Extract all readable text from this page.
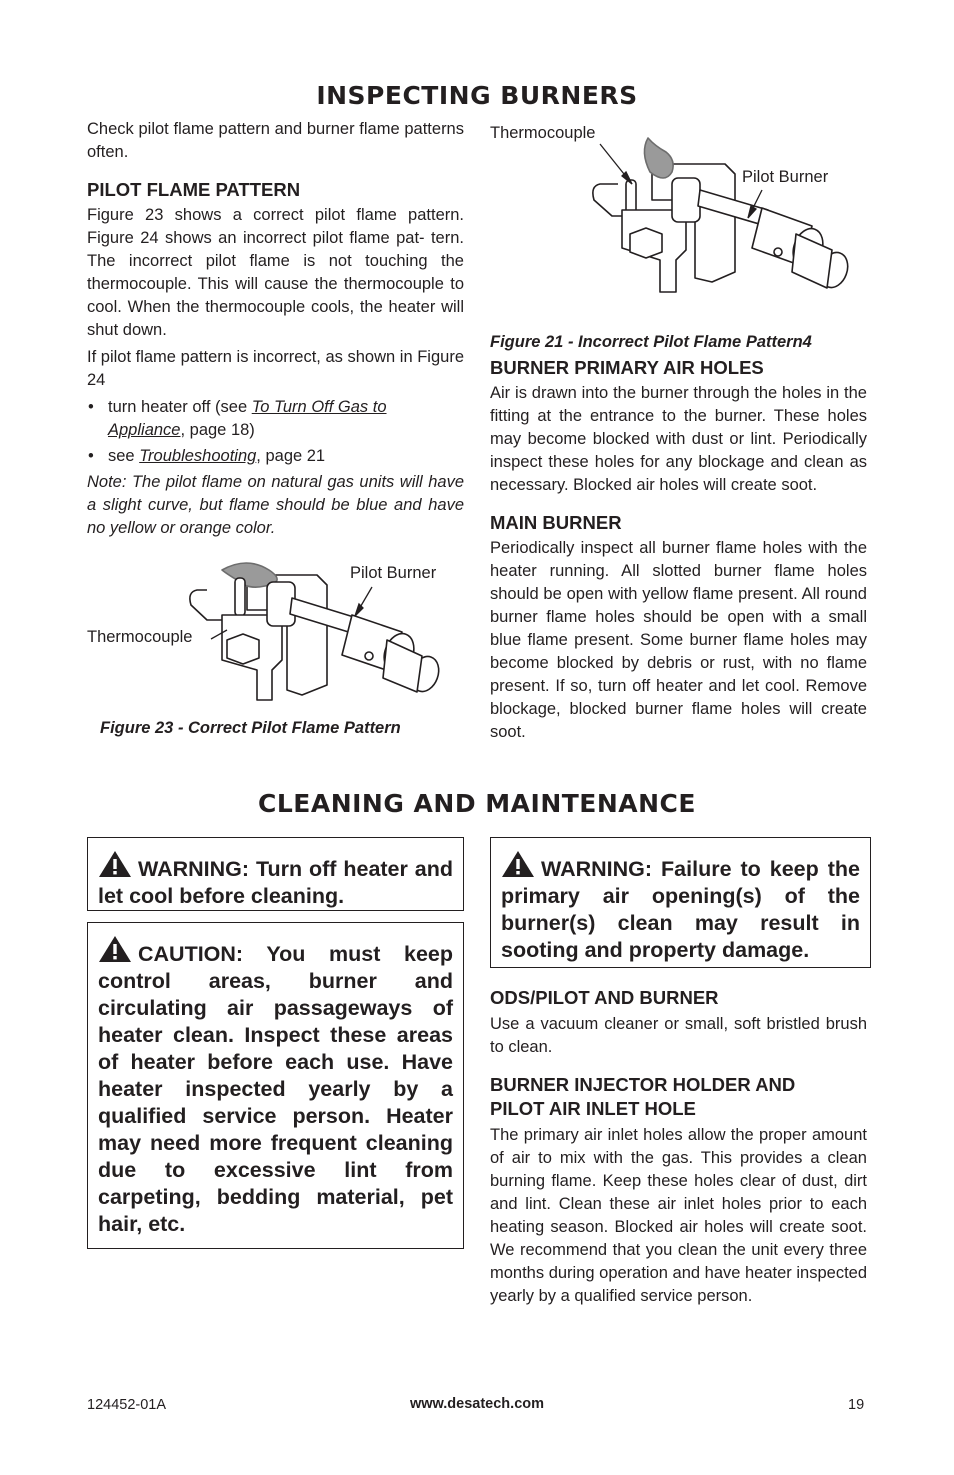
INSPECTING BURNERS

Check pilot flame pattern and burner flame patterns often.

PILOT FLAME PATTERN

Figure 23 shows a correct pilot flame pattern. Figure 24 shows an incorrect pilot flame pat- tern. The incorrect pilot flame is not touching the thermocouple. This will cause the thermocouple to cool. When the thermocouple cools, the heater will shut down.

If pilot flame pattern is incorrect, as shown in Figure 24

• turn heater off (see To Turn Off Gas to Appliance, page 18)
• see Troubleshooting, page 21

Note: The pilot flame on natural gas units will have a slight curve, but flame should be blue and have no yellow or orange color.

Pilot Burner
Thermocouple

Figure 23 - Correct Pilot Flame Pattern

Thermocouple
Pilot Burner

Figure 21 - Incorrect Pilot Flame Pattern4

BURNER PRIMARY AIR HOLES

Air is drawn into the burner through the holes in the fitting at the entrance to the burner. These holes may become blocked with dust or lint. Periodically inspect these holes for any blockage and clean as necessary. Blocked air holes will create soot.

MAIN BURNER

Periodically inspect all burner flame holes with the heater running. All slotted burner flame holes should be open with yellow flame present. All round burner flame holes should be open with a small blue flame present. Some burner flame holes may become blocked by debris or rust, with no flame present. If so, turn off heater and let cool. Remove blockage, blocked burner flame holes will create soot.

CLEANING AND MAINTENANCE
WARNING: Turn off heater and let cool before cleaning.
CAUTION: You must keep control areas, burner and circulating air passageways of heater clean. Inspect these areas of heater before each use. Have heater inspected yearly by a qualified service person. Heater may need more frequent cleaning due to excessive lint from carpeting, bedding material, pet hair, etc.
WARNING: Failure to keep the primary air opening(s) of the burner(s) clean may result in sooting and property damage.
ODS/PILOT AND BURNER

Use a vacuum cleaner or small, soft bristled brush to clean.

BURNER INJECTOR HOLDER AND
PILOT AIR INLET HOLE

The primary air inlet holes allow the proper amount of air to mix with the gas. This provides a clean burning flame. Keep these holes clear of dust, dirt and lint. Clean these air inlet holes prior to each heating season. Blocked air holes will create soot. We recommend that you clean the unit every three months during operation and have heater inspected yearly by a qualified service person.

124452-01A	www.desatech.com	19
